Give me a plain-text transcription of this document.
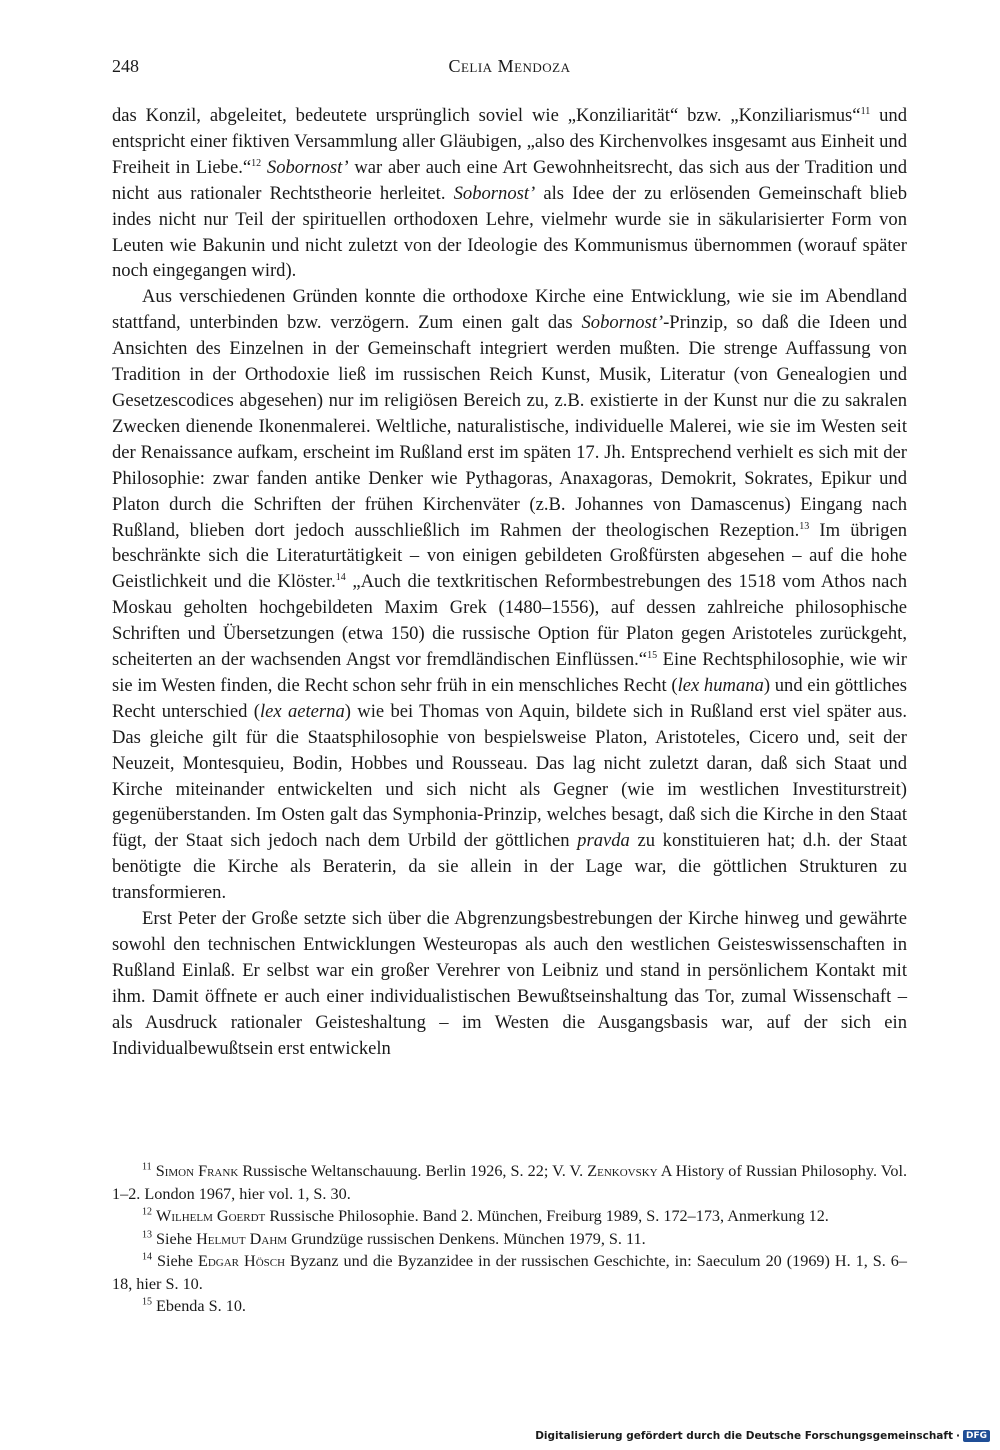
248	Celia Mendoza

das Konzil, abgeleitet, bedeutete ursprünglich soviel wie „Konziliarität“ bzw. „Konziliarismus“$^{11}$ und entspricht einer fiktiven Versammlung aller Gläubigen, „also des Kirchenvolkes insgesamt aus Einheit und Freiheit in Liebe.“$^{12}$ Sobornost’ war aber auch eine Art Gewohnheitsrecht, das sich aus der Tradition und nicht aus rationaler Rechtstheorie herleitet. Sobornost’ als Idee der zu erlösenden Gemeinschaft blieb indes nicht nur Teil der spirituellen orthodoxen Lehre, vielmehr wurde sie in säkularisierter Form von Leuten wie Bakunin und nicht zuletzt von der Ideologie des Kommunismus übernommen (worauf später noch eingegangen wird).

Aus verschiedenen Gründen konnte die orthodoxe Kirche eine Entwicklung, wie sie im Abendland stattfand, unterbinden bzw. verzögern. Zum einen galt das Sobornost’-Prinzip, so daß die Ideen und Ansichten des Einzelnen in der Gemeinschaft integriert werden mußten. Die strenge Auffassung von Tradition in der Orthodoxie ließ im russischen Reich Kunst, Musik, Literatur (von Genealogien und Gesetzescodices abgesehen) nur im religiösen Bereich zu, z.B. existierte in der Kunst nur die zu sakralen Zwecken dienende Ikonenmalerei. Weltliche, naturalistische, individuelle Malerei, wie sie im Westen seit der Renaissance aufkam, erscheint im Rußland erst im späten 17. Jh. Entsprechend verhielt es sich mit der Philosophie: zwar fanden antike Denker wie Pythagoras, Anaxagoras, Demokrit, Sokrates, Epikur und Platon durch die Schriften der frühen Kirchenväter (z.B. Johannes von Damascenus) Eingang nach Rußland, blieben dort jedoch ausschließlich im Rahmen der theologischen Rezeption.$^{13}$ Im übrigen beschränkte sich die Literaturtätigkeit – von einigen gebildeten Großfürsten abgesehen – auf die hohe Geistlichkeit und die Klöster.$^{14}$ „Auch die textkritischen Reformbestrebungen des 1518 vom Athos nach Moskau geholten hochgebildeten Maxim Grek (1480–1556), auf dessen zahlreiche philosophische Schriften und Übersetzungen (etwa 150) die russische Option für Platon gegen Aristoteles zurückgeht, scheiterten an der wachsenden Angst vor fremdländischen Einflüssen.“$^{15}$ Eine Rechtsphilosophie, wie wir sie im Westen finden, die Recht schon sehr früh in ein menschliches Recht (lex humana) und ein göttliches Recht unterschied (lex aeterna) wie bei Thomas von Aquin, bildete sich in Rußland erst viel später aus. Das gleiche gilt für die Staatsphilosophie von bespielsweise Platon, Aristoteles, Cicero und, seit der Neuzeit, Montesquieu, Bodin, Hobbes und Rousseau. Das lag nicht zuletzt daran, daß sich Staat und Kirche miteinander entwickelten und sich nicht als Gegner (wie im westlichen Investiturstreit) gegenüberstanden. Im Osten galt das Symphonia-Prinzip, welches besagt, daß sich die Kirche in den Staat fügt, der Staat sich jedoch nach dem Urbild der göttlichen pravda zu konstituieren hat; d.h. der Staat benötigte die Kirche als Beraterin, da sie allein in der Lage war, die göttlichen Strukturen zu transformieren.

Erst Peter der Große setzte sich über die Abgrenzungsbestrebungen der Kirche hinweg und gewährte sowohl den technischen Entwicklungen Westeuropas als auch den westlichen Geisteswissenschaften in Rußland Einlaß. Er selbst war ein großer Verehrer von Leibniz und stand in persönlichem Kontakt mit ihm. Damit öffnete er auch einer individualistischen Bewußtseinshaltung das Tor, zumal Wissenschaft – als Ausdruck rationaler Geisteshaltung – im Westen die Ausgangsbasis war, auf der sich ein Individualbewußtsein erst entwickeln

$^{11}$ Simon Frank Russische Weltanschauung. Berlin 1926, S. 22; V. V. Zenkovsky A History of Russian Philosophy. Vol. 1–2. London 1967, hier vol. 1, S. 30.

$^{12}$ Wilhelm Goerdt Russische Philosophie. Band 2. München, Freiburg 1989, S. 172–173, Anmerkung 12.

$^{13}$ Siehe Helmut Dahm Grundzüge russischen Denkens. München 1979, S. 11.

$^{14}$ Siehe Edgar Hösch Byzanz und die Byzanzidee in der russischen Geschichte, in: Saeculum 20 (1969) H. 1, S. 6–18, hier S. 10.

$^{15}$ Ebenda S. 10.

Digitalisierung gefördert durch die Deutsche Forschungsgemeinschaft · DFG
